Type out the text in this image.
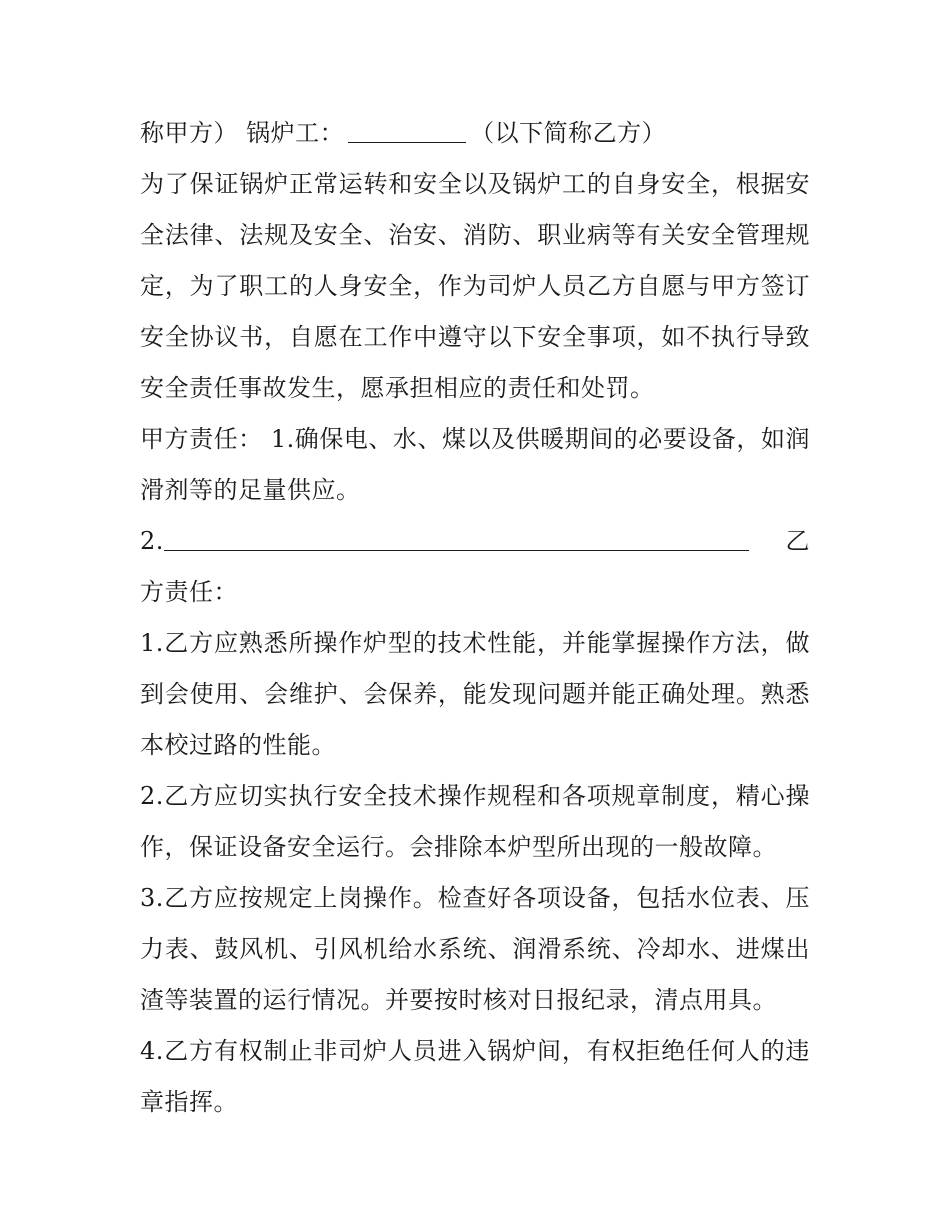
称甲方） 锅炉工：	（以下简称乙方）

为了保证锅炉正常运转和安全以及锅炉工的自身安全，根据安全法律、法规及安全、治安、消防、职业病等有关安全管理规定，为了职工的人身安全，作为司炉人员乙方自愿与甲方签订安全协议书，自愿在工作中遵守以下安全事项，如不执行导致安全责任事故发生，愿承担相应的责任和处罚。

甲方责任： 1.确保电、水、煤以及供暖期间的必要设备，如润滑剂等的足量供应。

2.	乙方责任：

1.乙方应熟悉所操作炉型的技术性能，并能掌握操作方法，做到会使用、会维护、会保养，能发现问题并能正确处理。熟悉本校过路的性能。

2.乙方应切实执行安全技术操作规程和各项规章制度，精心操作，保证设备安全运行。会排除本炉型所出现的一般故障。

3.乙方应按规定上岗操作。检查好各项设备，包括水位表、压力表、鼓风机、引风机给水系统、润滑系统、冷却水、进煤出渣等装置的运行情况。并要按时核对日报纪录，清点用具。

4.乙方有权制止非司炉人员进入锅炉间，有权拒绝任何人的违章指挥。
